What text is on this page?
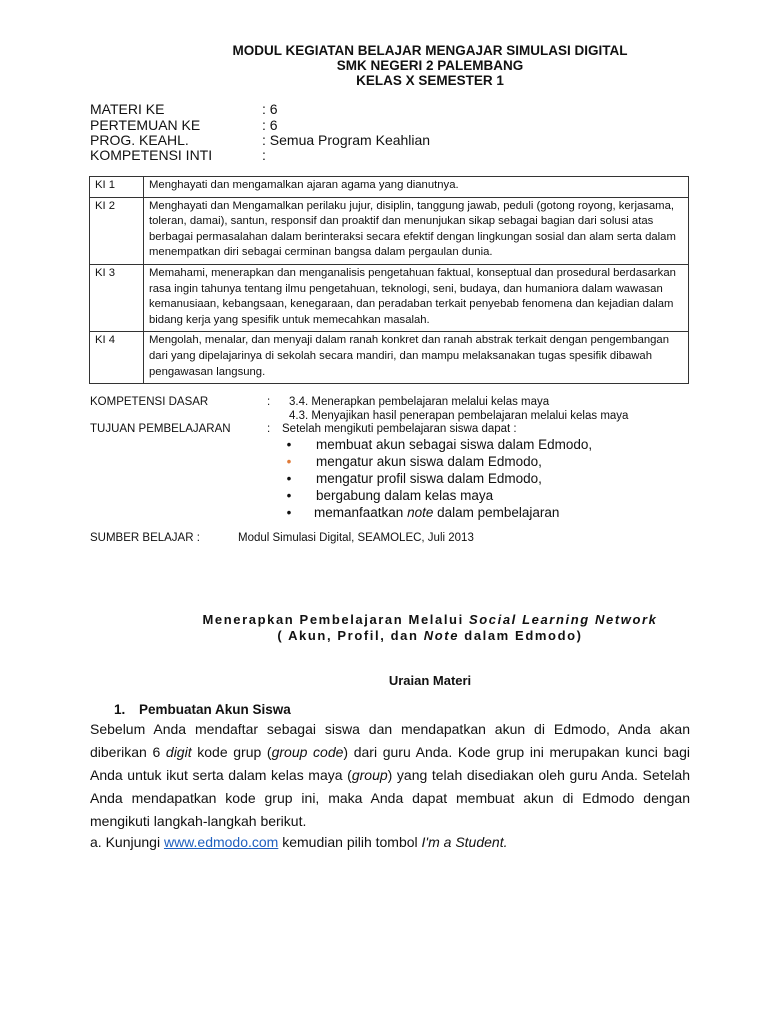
MODUL KEGIATAN BELAJAR MENGAJAR SIMULASI DIGITAL
SMK NEGERI 2 PALEMBANG
KELAS X SEMESTER 1
MATERI KE	: 6
PERTEMUAN KE	: 6
PROG. KEAHL.	: Semua Program Keahlian
KOMPETENSI INTI	:
KI 1	Menghayati dan mengamalkan ajaran agama yang dianutnya.
KI 2	Menghayati dan Mengamalkan perilaku jujur, disiplin, tanggung jawab, peduli (gotong royong, kerjasama, toleran, damai), santun, responsif dan proaktif dan menunjukan sikap sebagai bagian dari solusi atas berbagai permasalahan dalam berinteraksi secara efektif dengan lingkungan sosial dan alam serta dalam menempatkan diri sebagai cerminan bangsa dalam pergaulan dunia.
KI 3	Memahami, menerapkan dan menganalisis pengetahuan faktual, konseptual dan prosedural berdasarkan rasa ingin tahunya tentang ilmu pengetahuan, teknologi, seni, budaya, dan humaniora dalam wawasan kemanusiaan, kebangsaan, kenegaraan, dan peradaban terkait penyebab fenomena dan kejadian dalam bidang kerja yang spesifik untuk memecahkan masalah.
KI 4	Mengolah, menalar, dan menyaji dalam ranah konkret dan ranah abstrak terkait dengan pengembangan dari yang dipelajarinya di sekolah secara mandiri, dan mampu melaksanakan tugas spesifik dibawah pengawasan langsung.
KOMPETENSI DASAR	: 3.4. Menerapkan pembelajaran melalui kelas maya
4.3. Menyajikan hasil penerapan pembelajaran melalui kelas maya
TUJUAN PEMBELAJARAN	: Setelah mengikuti pembelajaran siswa dapat :
• membuat akun sebagai siswa dalam Edmodo,
• mengatur akun siswa dalam Edmodo,
• mengatur profil siswa dalam Edmodo,
• bergabung dalam kelas maya
• memanfaatkan note dalam pembelajaran
SUMBER BELAJAR :	Modul Simulasi Digital, SEAMOLEC, Juli 2013
Menerapkan Pembelajaran Melalui Social Learning Network
( Akun, Profil, dan Note dalam Edmodo)
Uraian Materi
1. Pembuatan Akun Siswa
Sebelum Anda mendaftar sebagai siswa dan mendapatkan akun di Edmodo, Anda akan diberikan 6 digit kode grup (group code) dari guru Anda. Kode grup ini merupakan kunci bagi Anda untuk ikut serta dalam kelas maya (group) yang telah disediakan oleh guru Anda. Setelah Anda mendapatkan kode grup ini, maka Anda dapat membuat akun di Edmodo dengan mengikuti langkah-langkah berikut.
a. Kunjungi www.edmodo.com kemudian pilih tombol I'm a Student.
